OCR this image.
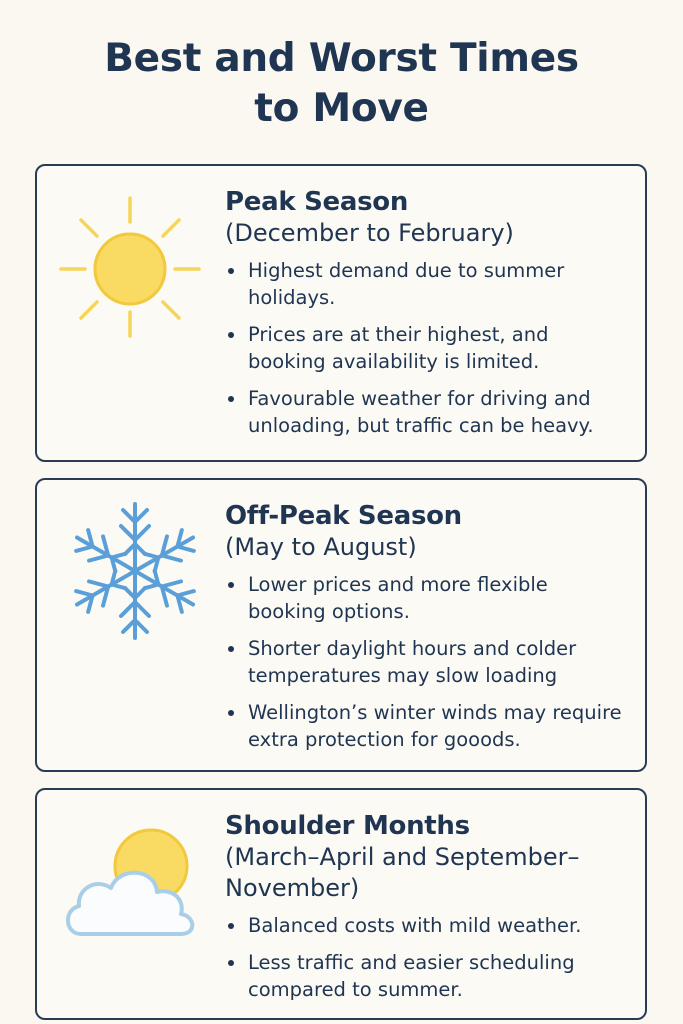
Best and Worst Times
to Move
Peak Season
(December to February)
Highest demand due to summer holidays.
Prices are at their highest, and booking availability is limited.
Favourable weather for driving and unloading, but traffic can be heavy.
Off-Peak Season
(May to August)
Lower prices and more flexible booking options.
Shorter daylight hours and colder temperatures may slow loading
Wellington’s winter winds may require extra protection for gooods.
Shoulder Months
(March–April and September–November)
Balanced costs with mild weather.
Less traffic and easier scheduling compared to summer.
